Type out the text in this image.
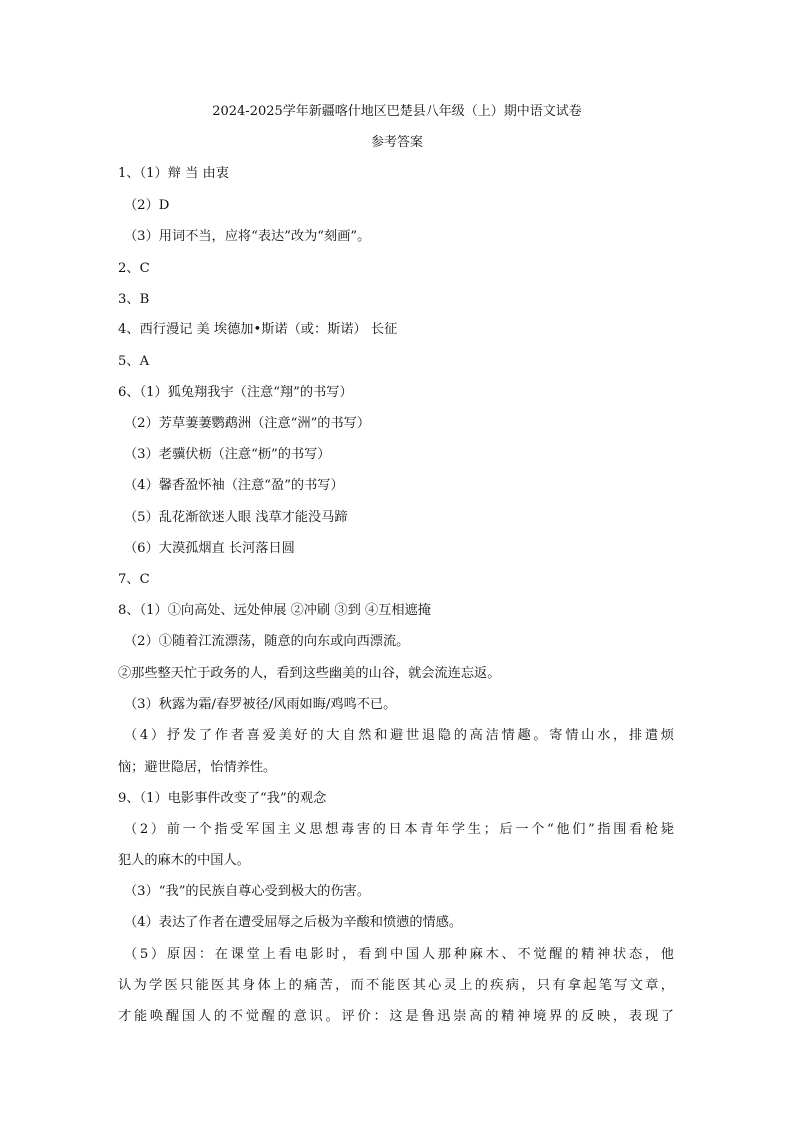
2024-2025学年新疆喀什地区巴楚县八年级（上）期中语文试卷
参考答案
1、（1）辩 当 由衷
（2）D
（3）用词不当，应将“表达”改为“刻画”。
2、C
3、B
4、西行漫记 美 埃德加•斯诺（或：斯诺） 长征
5、A
6、（1）狐兔翔我宇（注意“翔”的书写）
（2）芳草萋萋鹦鹉洲（注意“洲”的书写）
（3）老骥伏枥（注意“枥”的书写）
（4）馨香盈怀袖（注意“盈”的书写）
（5）乱花渐欲迷人眼 浅草才能没马蹄
（6）大漠孤烟直 长河落日圆
7、C
8、（1）①向高处、远处伸展 ②冲刷 ③到 ④互相遮掩
（2）①随着江流漂荡，随意的向东或向西漂流。
②那些整天忙于政务的人，看到这些幽美的山谷，就会流连忘返。
（3）秋露为霜/春罗被径/风雨如晦/鸡鸣不已。
（4）抒发了作者喜爱美好的大自然和避世退隐的高洁情趣。寄情山水，排遣烦
恼；避世隐居，怡情养性。
9、（1）电影事件改变了“我”的观念
（2）前一个指受军国主义思想毒害的日本青年学生；后一个“他们”指围看枪毙
犯人的麻木的中国人。
（3）“我”的民族自尊心受到极大的伤害。
（4）表达了作者在遭受屈辱之后极为辛酸和愤懑的情感。
（5）原因：在课堂上看电影时，看到中国人那种麻木、不觉醒的精神状态，他
认为学医只能医其身体上的痛苦，而不能医其心灵上的疾病，只有拿起笔写文章，
才能唤醒国人的不觉醒的意识。评价：这是鲁迅崇高的精神境界的反映，表现了
